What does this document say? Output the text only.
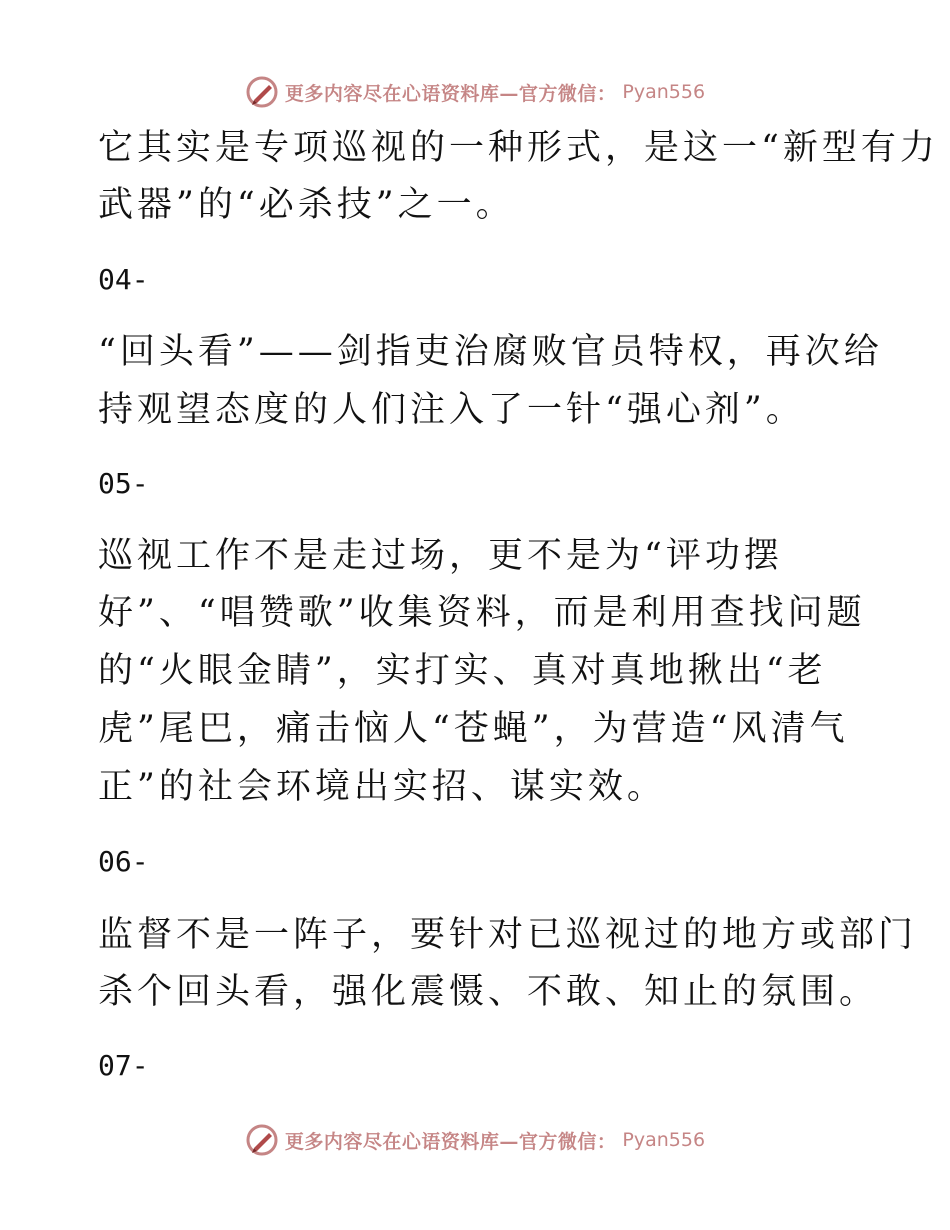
更多内容尽在心语资料库—官方微信： Pyan556
它其实是专项巡视的一种形式，是这一“新型有力
武器”的“必杀技”之一。
04-
“回头看”——剑指吏治腐败官员特权，再次给
持观望态度的人们注入了一针“强心剂”。
05-
巡视工作不是走过场，更不是为“评功摆
好”、“唱赞歌”收集资料，而是利用查找问题
的“火眼金睛”，实打实、真对真地揪出“老
虎”尾巴，痛击恼人“苍蝇”，为营造“风清气
正”的社会环境出实招、谋实效。
06-
监督不是一阵子，要针对已巡视过的地方或部门
杀个回头看，强化震慑、不敢、知止的氛围。
07-
更多内容尽在心语资料库—官方微信： Pyan556
